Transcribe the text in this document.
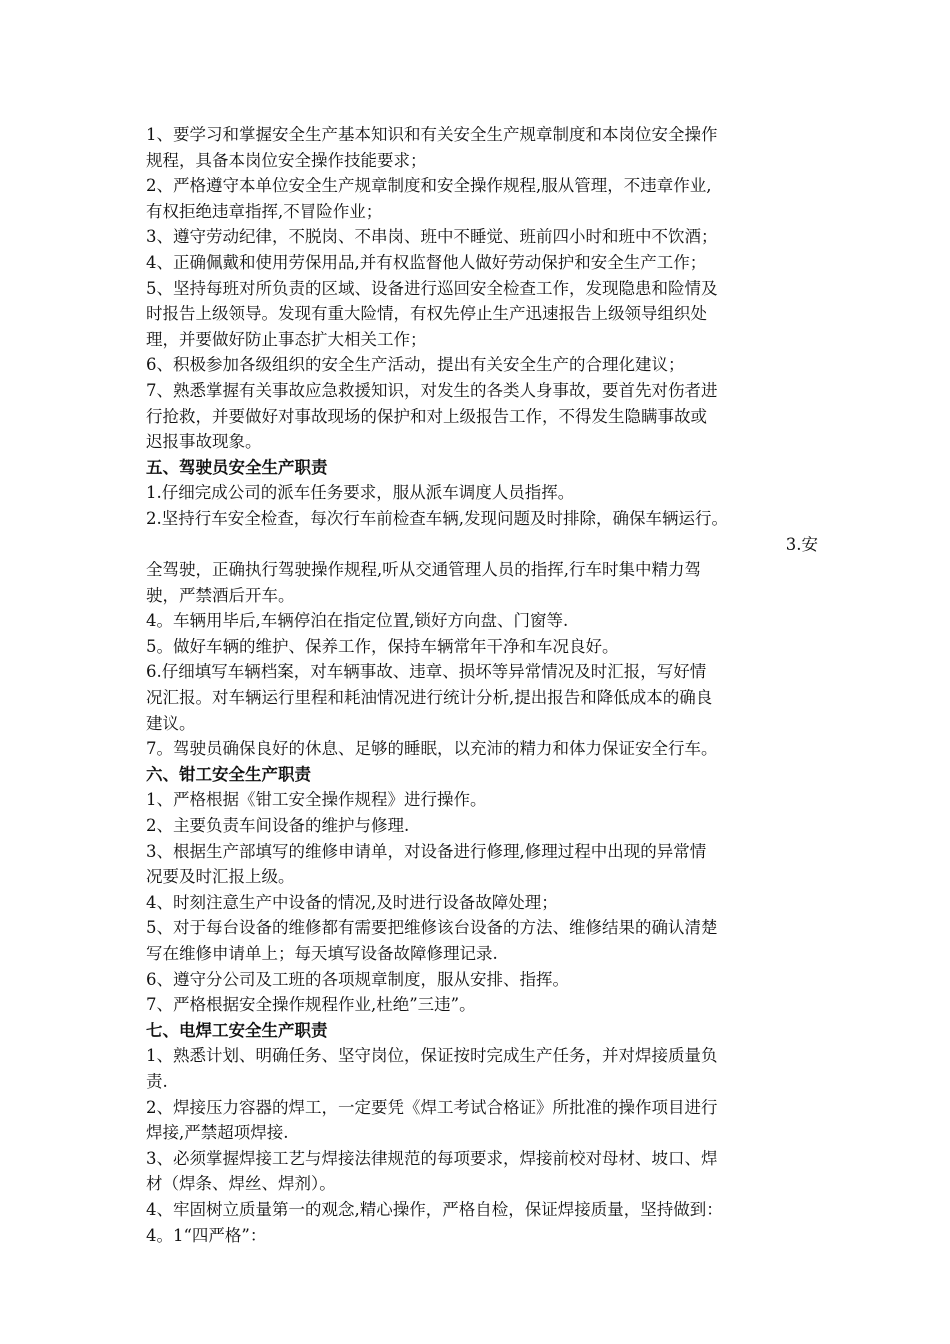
1、要学习和掌握安全生产基本知识和有关安全生产规章制度和本岗位安全操作
规程，具备本岗位安全操作技能要求；
2、严格遵守本单位安全生产规章制度和安全操作规程,服从管理，不违章作业,
有权拒绝违章指挥,不冒险作业；
3、遵守劳动纪律，不脱岗、不串岗、班中不睡觉、班前四小时和班中不饮酒；
4、正确佩戴和使用劳保用品,并有权监督他人做好劳动保护和安全生产工作；
5、坚持每班对所负责的区域、设备进行巡回安全检查工作，发现隐患和险情及
时报告上级领导。发现有重大险情，有权先停止生产迅速报告上级领导组织处
理，并要做好防止事态扩大相关工作；
6、积极参加各级组织的安全生产活动，提出有关安全生产的合理化建议；
7、熟悉掌握有关事故应急救援知识，对发生的各类人身事故，要首先对伤者进
行抢救，并要做好对事故现场的保护和对上级报告工作，不得发生隐瞒事故或
迟报事故现象。
五、驾驶员安全生产职责
1.仔细完成公司的派车任务要求，服从派车调度人员指挥。
2.坚持行车安全检查，每次行车前检查车辆,发现问题及时排除，确保车辆运行。
3.安
全驾驶，正确执行驾驶操作规程,听从交通管理人员的指挥,行车时集中精力驾
驶，严禁酒后开车。
4。车辆用毕后,车辆停泊在指定位置,锁好方向盘、门窗等.
5。做好车辆的维护、保养工作，保持车辆常年干净和车况良好。
6.仔细填写车辆档案，对车辆事故、违章、损坏等异常情况及时汇报，写好情
况汇报。对车辆运行里程和耗油情况进行统计分析,提出报告和降低成本的确良
建议。
7。驾驶员确保良好的休息、足够的睡眠，以充沛的精力和体力保证安全行车。
六、钳工安全生产职责
1、严格根据《钳工安全操作规程》进行操作。
2、主要负责车间设备的维护与修理.
3、根据生产部填写的维修申请单，对设备进行修理,修理过程中出现的异常情
况要及时汇报上级。
4、时刻注意生产中设备的情况,及时进行设备故障处理；
5、对于每台设备的维修都有需要把维修该台设备的方法、维修结果的确认清楚
写在维修申请单上；每天填写设备故障修理记录.
6、遵守分公司及工班的各项规章制度，服从安排、指挥。
7、严格根据安全操作规程作业,杜绝”三违”。
七、电焊工安全生产职责
1、熟悉计划、明确任务、坚守岗位，保证按时完成生产任务，并对焊接质量负
责.
2、焊接压力容器的焊工，一定要凭《焊工考试合格证》所批准的操作项目进行
焊接,严禁超项焊接.
3、必须掌握焊接工艺与焊接法律规范的每项要求，焊接前校对母材、坡口、焊
材（焊条、焊丝、焊剂）。
4、牢固树立质量第一的观念,精心操作，严格自检，保证焊接质量，坚持做到：
4。1“四严格”：
